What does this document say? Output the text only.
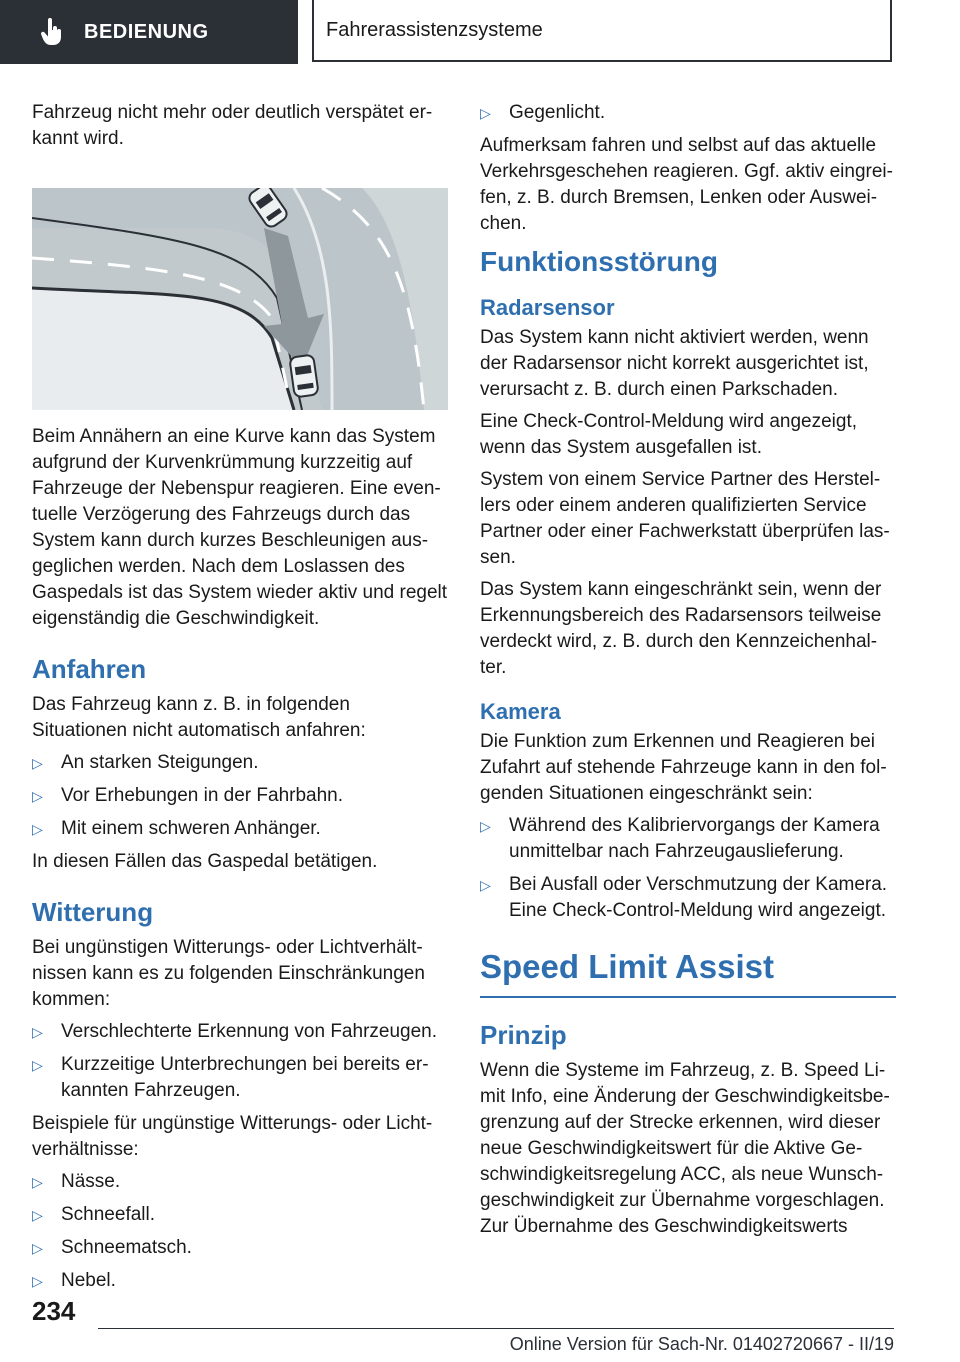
BEDIENUNG	Fahrerassistenzsysteme

Fahrzeug nicht mehr oder deutlich verspätet er-kannt wird.

Beim Annähern an eine Kurve kann das System aufgrund der Kurvenkrümmung kurzzeitig auf Fahrzeuge der Nebenspur reagieren. Eine even-tuelle Verzögerung des Fahrzeugs durch das System kann durch kurzes Beschleunigen aus-geglichen werden. Nach dem Loslassen des Gaspedals ist das System wieder aktiv und regelt eigenständig die Geschwindigkeit.

Anfahren

Das Fahrzeug kann z. B. in folgenden Situationen nicht automatisch anfahren:

▷ An starken Steigungen.
▷ Vor Erhebungen in der Fahrbahn.
▷ Mit einem schweren Anhänger.

In diesen Fällen das Gaspedal betätigen.

Witterung

Bei ungünstigen Witterungs- oder Lichtverhält-nissen kann es zu folgenden Einschränkungen kommen:

▷ Verschlechterte Erkennung von Fahrzeugen.
▷ Kurzzeitige Unterbrechungen bei bereits er-kannten Fahrzeugen.

Beispiele für ungünstige Witterungs- oder Licht-verhältnisse:

▷ Nässe.
▷ Schneefall.
▷ Schneematsch.
▷ Nebel.
▷ Gegenlicht.

Aufmerksam fahren und selbst auf das aktuelle Verkehrsgeschehen reagieren. Ggf. aktiv eingrei-fen, z. B. durch Bremsen, Lenken oder Auswei-chen.

Funktionsstörung
Radarsensor

Das System kann nicht aktiviert werden, wenn der Radarsensor nicht korrekt ausgerichtet ist, verursacht z. B. durch einen Parkschaden.

Eine Check-Control-Meldung wird angezeigt, wenn das System ausgefallen ist.

System von einem Service Partner des Herstel-lers oder einem anderen qualifizierten Service Partner oder einer Fachwerkstatt überprüfen las-sen.

Das System kann eingeschränkt sein, wenn der Erkennungsbereich des Radarsensors teilweise verdeckt wird, z. B. durch den Kennzeichenhal-ter.

Kamera

Die Funktion zum Erkennen und Reagieren bei Zufahrt auf stehende Fahrzeuge kann in den fol-genden Situationen eingeschränkt sein:

▷ Während des Kalibriervorgangs der Kamera unmittelbar nach Fahrzeugauslieferung.
▷ Bei Ausfall oder Verschmutzung der Kamera. Eine Check-Control-Meldung wird angezeigt.
Speed Limit Assist
Prinzip

Wenn die Systeme im Fahrzeug, z. B. Speed Li-mit Info, eine Änderung der Geschwindigkeitsbe-grenzung auf der Strecke erkennen, wird dieser neue Geschwindigkeitswert für die Aktive Ge-schwindigkeitsregelung ACC, als neue Wunsch-geschwindigkeit zur Übernahme vorgeschlagen. Zur Übernahme des Geschwindigkeitswerts

234
Online Version für Sach-Nr. 01402720667 - II/19
